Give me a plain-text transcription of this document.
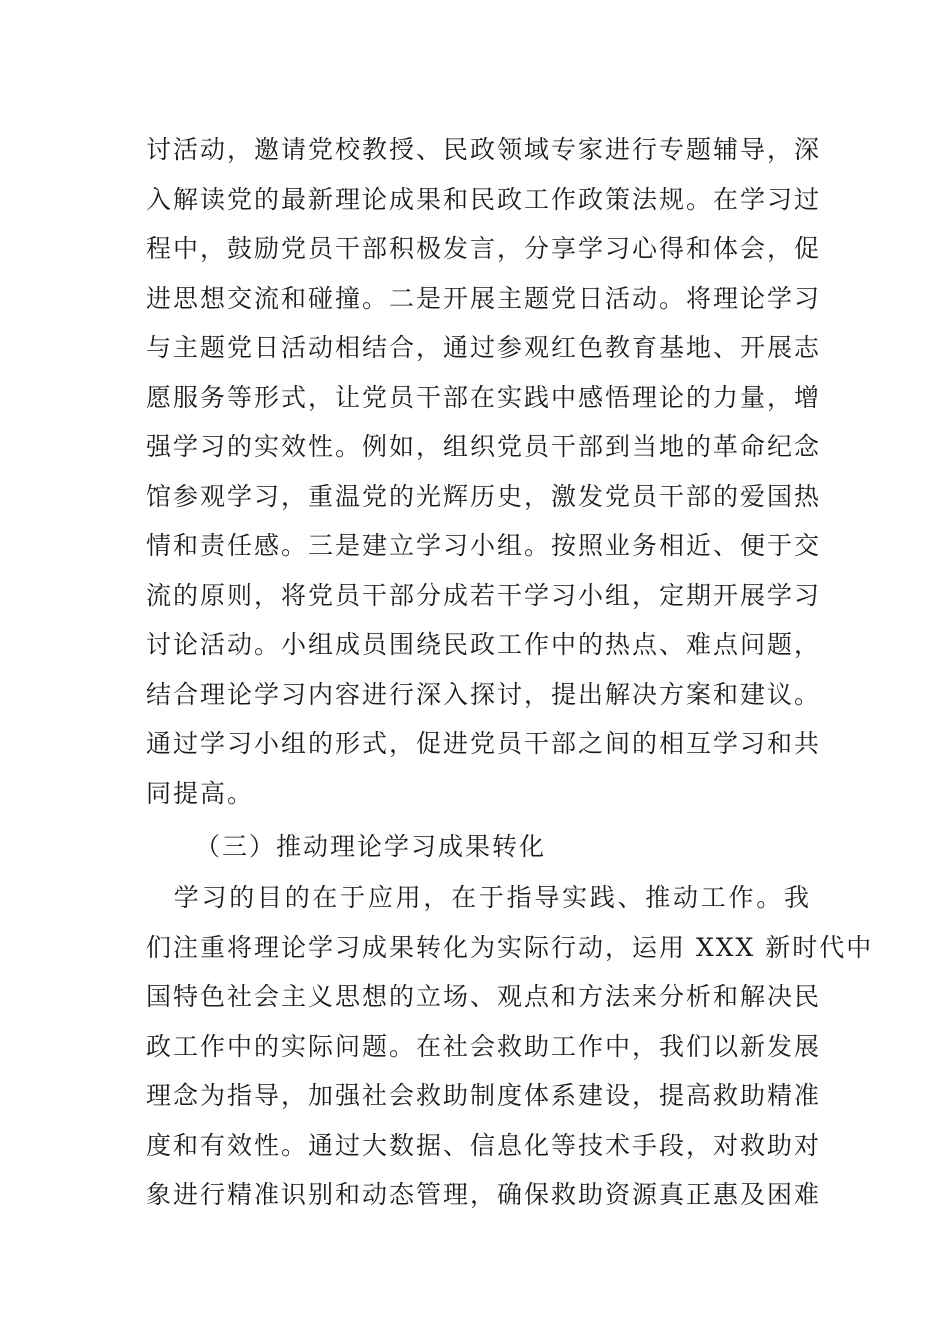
讨活动，邀请党校教授、民政领域专家进行专题辅导，深
入解读党的最新理论成果和民政工作政策法规。在学习过
程中，鼓励党员干部积极发言，分享学习心得和体会，促
进思想交流和碰撞。二是开展主题党日活动。将理论学习
与主题党日活动相结合，通过参观红色教育基地、开展志
愿服务等形式，让党员干部在实践中感悟理论的力量，增
强学习的实效性。例如，组织党员干部到当地的革命纪念
馆参观学习，重温党的光辉历史，激发党员干部的爱国热
情和责任感。三是建立学习小组。按照业务相近、便于交
流的原则，将党员干部分成若干学习小组，定期开展学习
讨论活动。小组成员围绕民政工作中的热点、难点问题，
结合理论学习内容进行深入探讨，提出解决方案和建议。
通过学习小组的形式，促进党员干部之间的相互学习和共
同提高。
（三）推动理论学习成果转化
　学习的目的在于应用，在于指导实践、推动工作。我
们注重将理论学习成果转化为实际行动，运用 XXX 新时代中
国特色社会主义思想的立场、观点和方法来分析和解决民
政工作中的实际问题。在社会救助工作中，我们以新发展
理念为指导，加强社会救助制度体系建设，提高救助精准
度和有效性。通过大数据、信息化等技术手段，对救助对
象进行精准识别和动态管理，确保救助资源真正惠及困难
